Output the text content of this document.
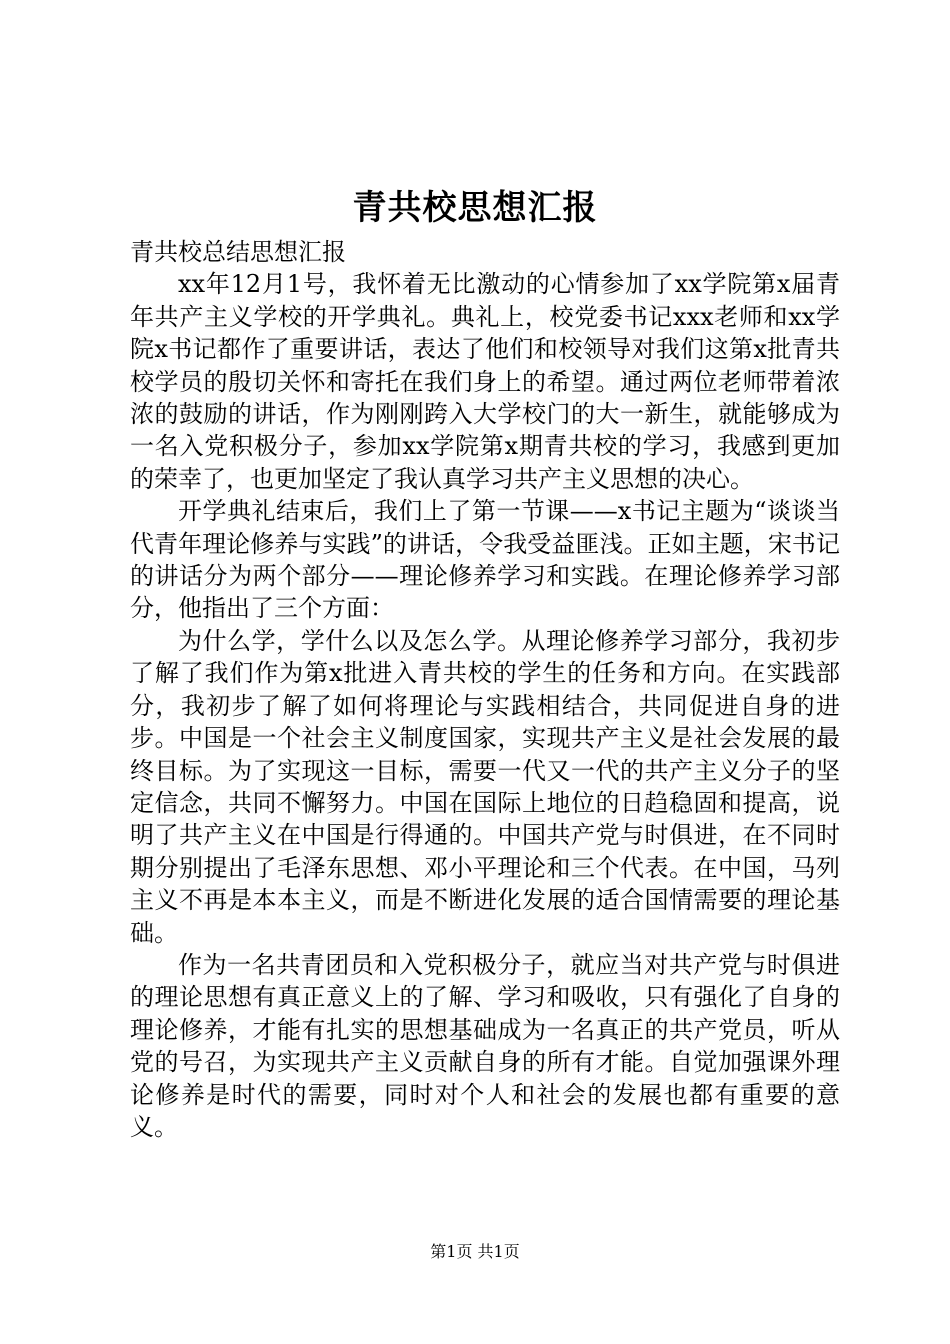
青共校思想汇报

青共校总结思想汇报

xx年12月1号，我怀着无比激动的心情参加了xx学院第x届青年共产主义学校的开学典礼。典礼上，校党委书记xxx老师和xx学院x书记都作了重要讲话，表达了他们和校领导对我们这第x批青共校学员的殷切关怀和寄托在我们身上的希望。通过两位老师带着浓浓的鼓励的讲话，作为刚刚跨入大学校门的大一新生，就能够成为一名入党积极分子，参加xx学院第x期青共校的学习，我感到更加的荣幸了，也更加坚定了我认真学习共产主义思想的决心。

开学典礼结束后，我们上了第一节课——x书记主题为“谈谈当代青年理论修养与实践”的讲话，令我受益匪浅。正如主题，宋书记的讲话分为两个部分——理论修养学习和实践。在理论修养学习部分，他指出了三个方面：

为什么学，学什么以及怎么学。从理论修养学习部分，我初步了解了我们作为第x批进入青共校的学生的任务和方向。在实践部分，我初步了解了如何将理论与实践相结合，共同促进自身的进步。中国是一个社会主义制度国家，实现共产主义是社会发展的最终目标。为了实现这一目标，需要一代又一代的共产主义分子的坚定信念，共同不懈努力。中国在国际上地位的日趋稳固和提高，说明了共产主义在中国是行得通的。中国共产党与时俱进，在不同时期分别提出了毛泽东思想、邓小平理论和三个代表。在中国，马列主义不再是本本主义，而是不断进化发展的适合国情需要的理论基础。

作为一名共青团员和入党积极分子，就应当对共产党与时俱进的理论思想有真正意义上的了解、学习和吸收，只有强化了自身的理论修养，才能有扎实的思想基础成为一名真正的共产党员，听从党的号召，为实现共产主义贡献自身的所有才能。自觉加强课外理论修养是时代的需要，同时对个人和社会的发展也都有重要的意义。

第1页 共1页
